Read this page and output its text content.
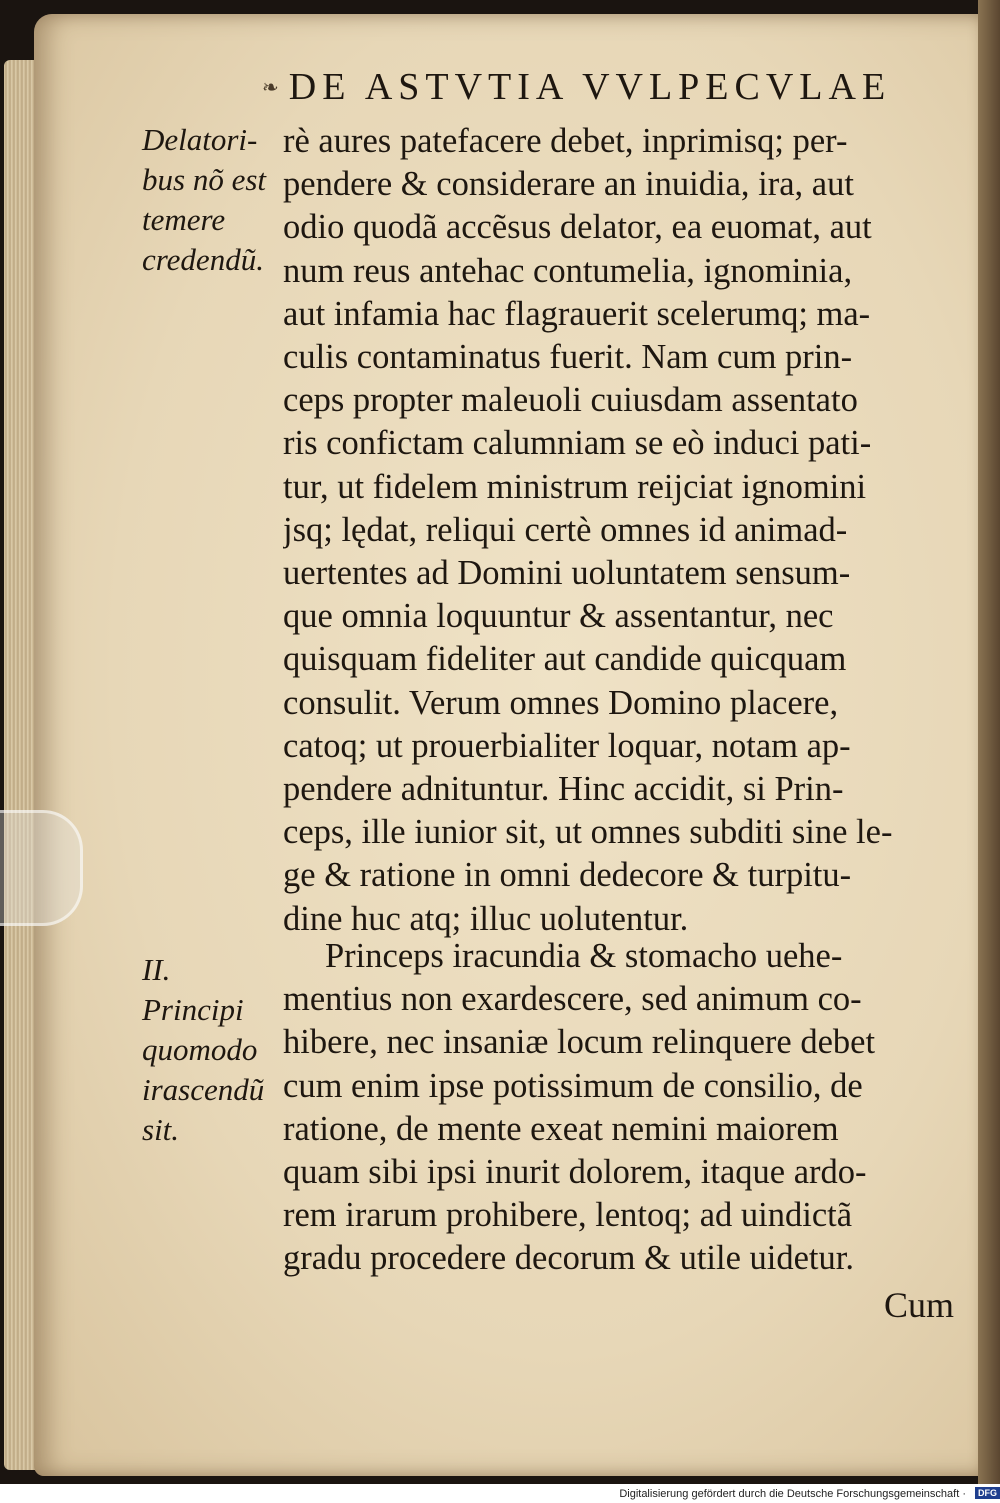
❧ DE ASTVTIA VVLPECVLAE
Delatori-
bus nõ est
temere
credendũ.
II.
Principi
quomodo
irascendũ
sit.
rè aures patefacere debet, inprimisq; per-
pendere & considerare an inuidia, ira, aut
odio quodã accẽsus delator, ea euomat, aut
num reus antehac contumelia, ignominia,
aut infamia hac flagrauerit scelerumq; ma-
culis contaminatus fuerit. Nam cum prin-
ceps propter maleuoli cuiusdam assentato
ris confictam calumniam se eò induci pati-
tur, ut fidelem ministrum reijciat ignomini
jsq; lędat, reliqui certè omnes id animad-
uertentes ad Domini uoluntatem sensum-
que omnia loquuntur & assentantur, nec
quisquam fideliter aut candide quicquam
consulit. Verum omnes Domino placere,
catoq; ut prouerbialiter loquar, notam ap-
pendere adnituntur. Hinc accidit, si Prin-
ceps, ille iunior sit, ut omnes subditi sine le-
ge & ratione in omni dedecore & turpitu-
dine huc atq; illuc uolutentur.
Princeps iracundia & stomacho uehe-
mentius non exardescere, sed animum co-
hibere, nec insaniæ locum relinquere debet
cum enim ipse potissimum de consilio, de
ratione, de mente exeat nemini maiorem
quam sibi ipsi inurit dolorem, itaque ardo-
rem irarum prohibere, lentoq; ad uindictã
gradu procedere decorum & utile uidetur.
Cum
Digitalisierung gefördert durch die Deutsche Forschungsgemeinschaft · DFG
